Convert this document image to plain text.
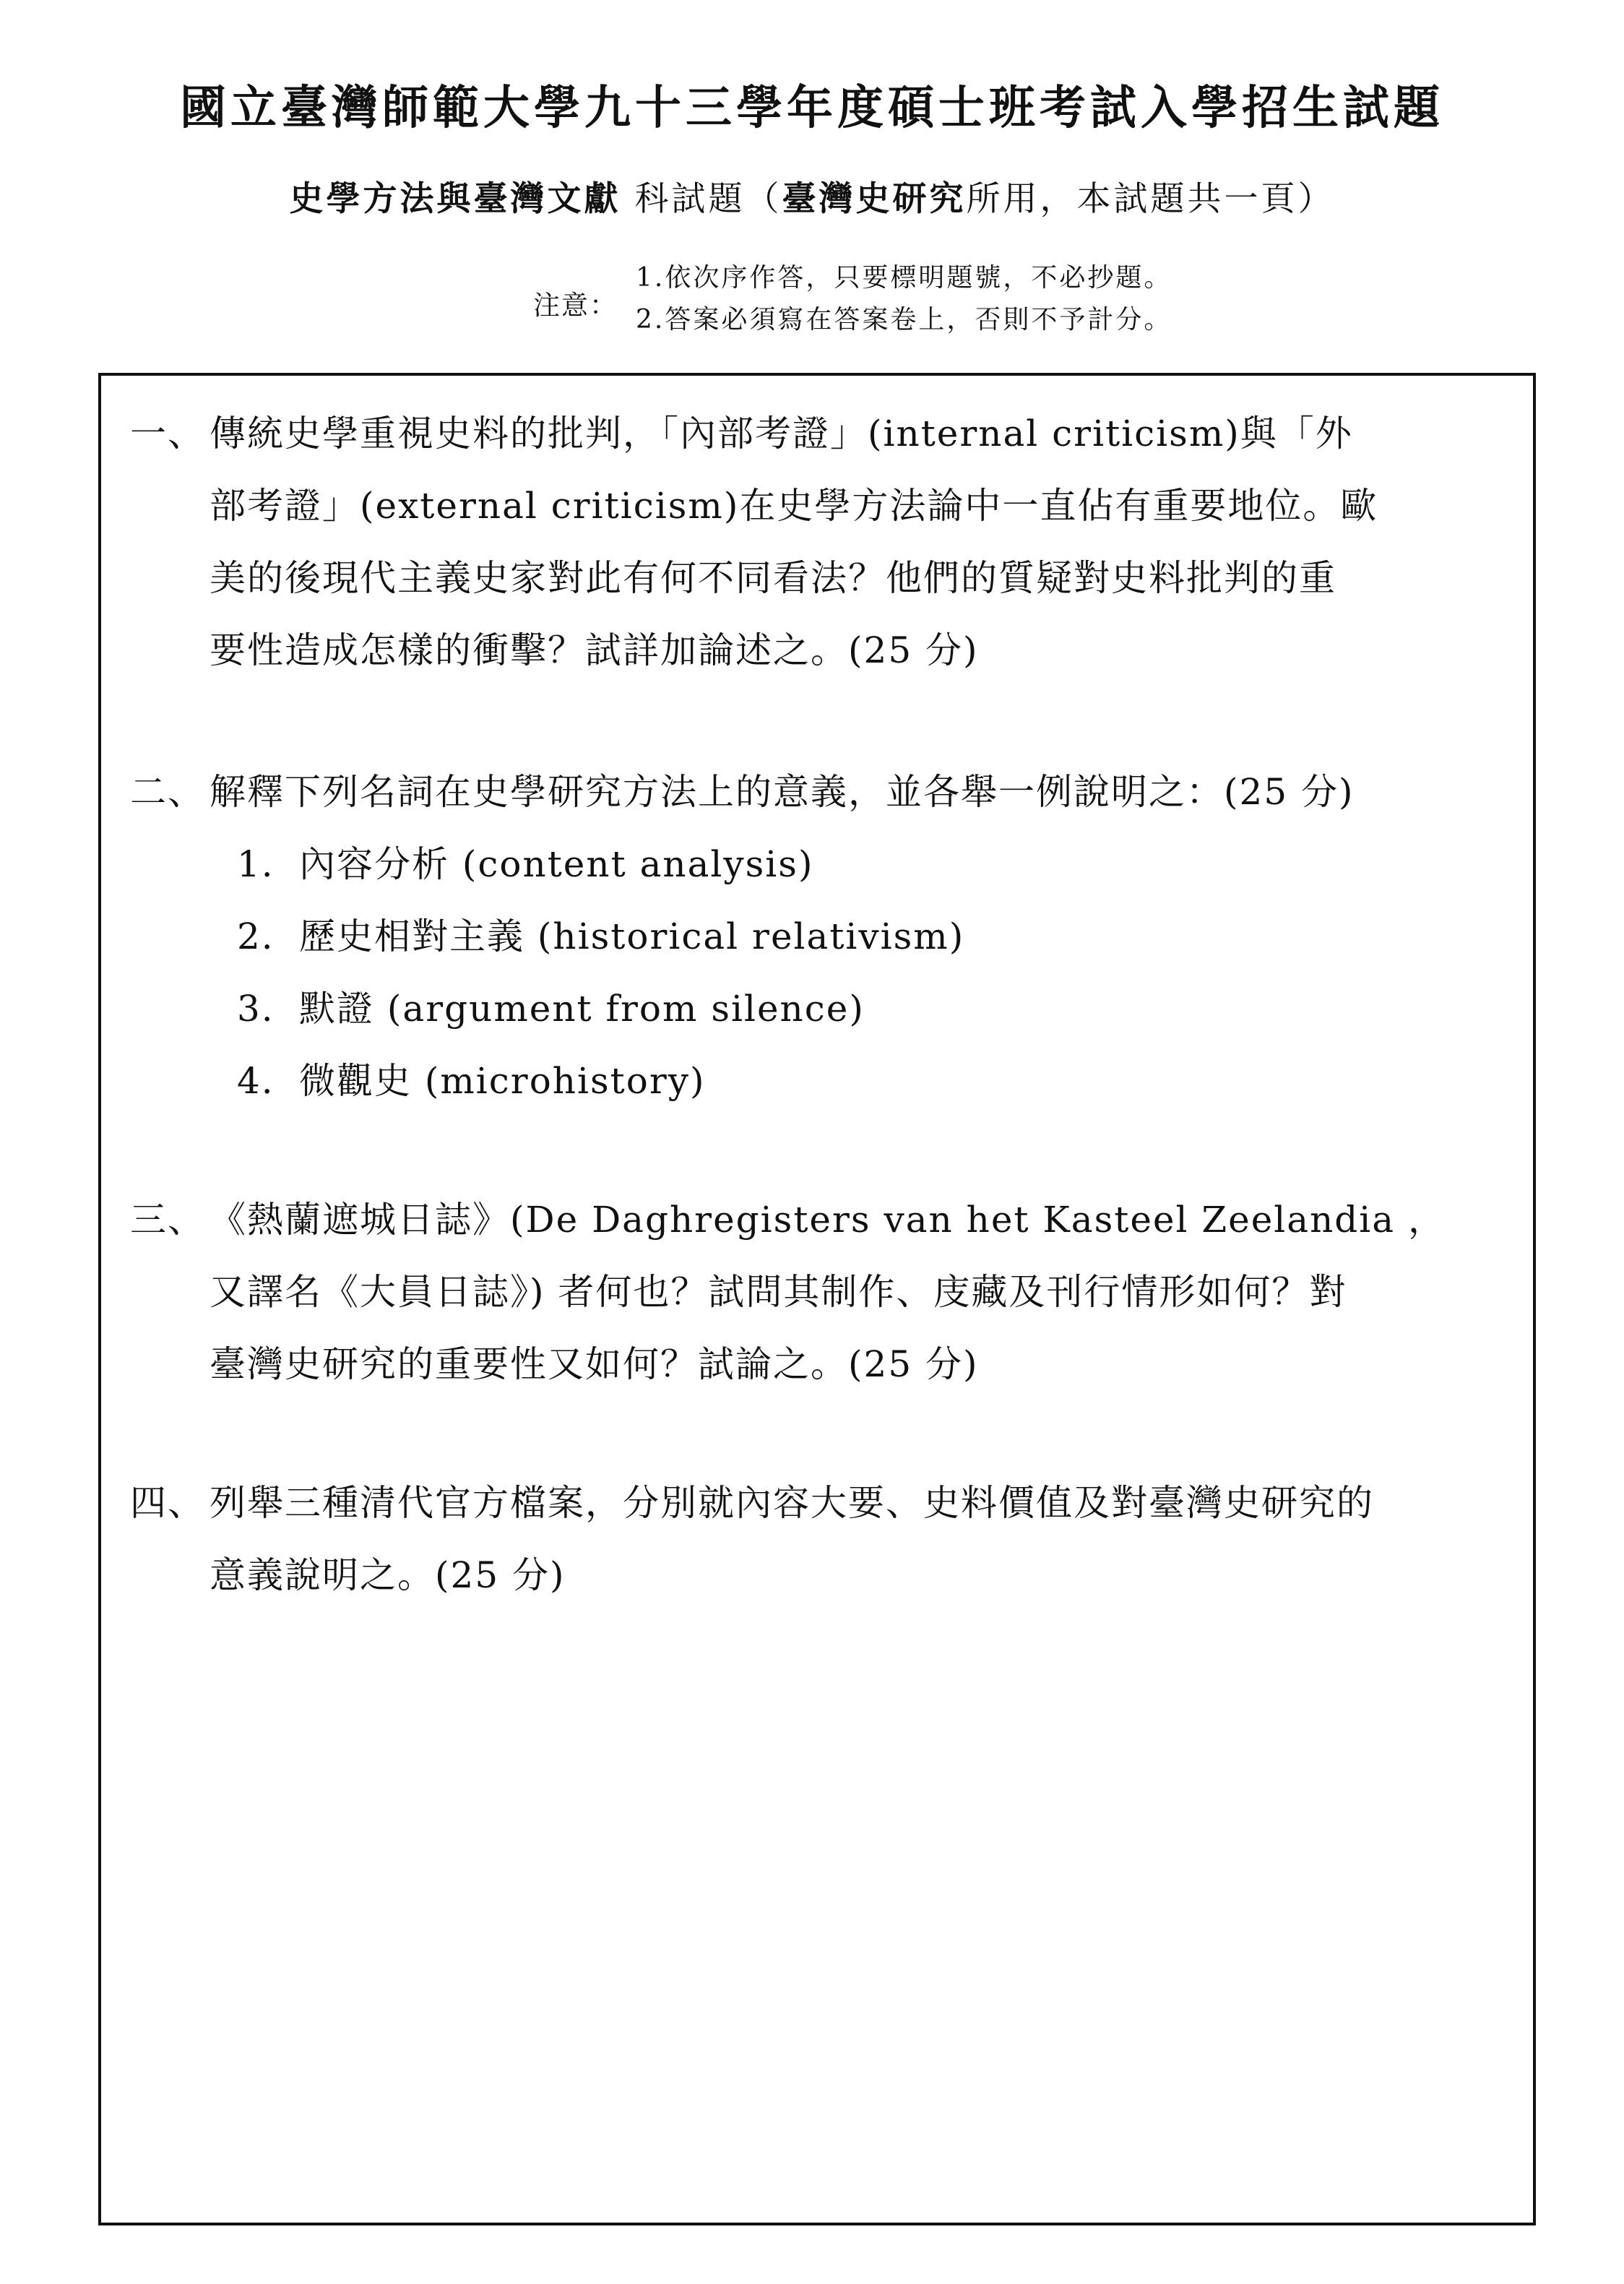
國立臺灣師範大學九十三學年度碩士班考試入學招生試題
史學方法與臺灣文獻 科試題（臺灣史研究所用，本試題共一頁）
注意：
1.依次序作答，只要標明題號，不必抄題。
2.答案必須寫在答案卷上，否則不予計分。
一、 傳統史學重視史料的批判，「內部考證」(internal criticism)與「外
部考證」(external criticism)在史學方法論中一直佔有重要地位。歐
美的後現代主義史家對此有何不同看法？他們的質疑對史料批判的重
要性造成怎樣的衝擊？試詳加論述之。(25 分)
二、 解釋下列名詞在史學研究方法上的意義，並各舉一例說明之：(25 分)
1. 內容分析 (content analysis)
2. 歷史相對主義 (historical relativism)
3. 默證 (argument from silence)
4. 微觀史 (microhistory)
三、 《熱蘭遮城日誌》(De Daghregisters van het Kasteel Zeelandia ，
又譯名《大員日誌》) 者何也？試問其制作、庋藏及刊行情形如何？對
臺灣史研究的重要性又如何？試論之。(25 分)
四、 列舉三種清代官方檔案，分別就內容大要、史料價值及對臺灣史研究的
意義說明之。(25 分)
